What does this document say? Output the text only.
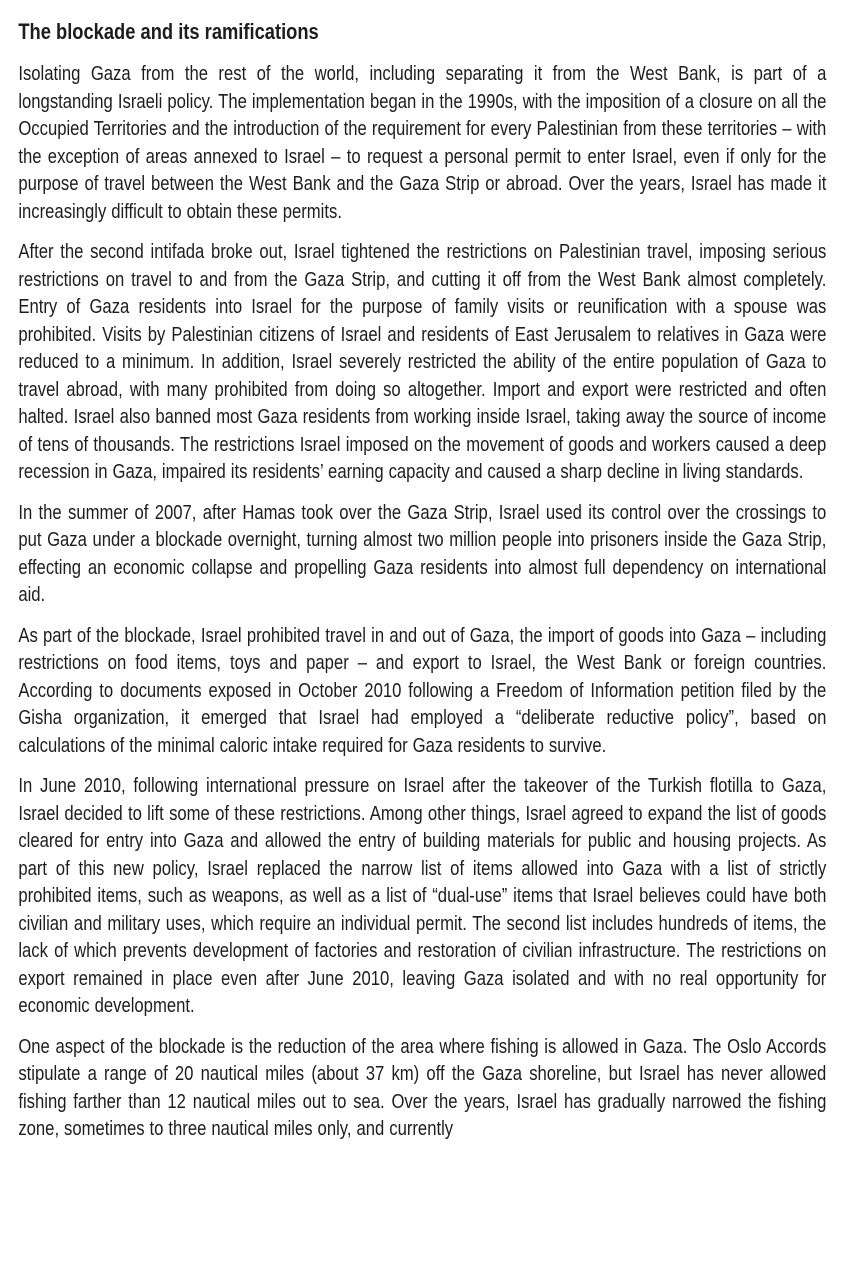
The blockade and its ramifications

Isolating Gaza from the rest of the world, including separating it from the West Bank, is part of a longstanding Israeli policy. The implementation began in the 1990s, with the imposition of a closure on all the Occupied Territories and the introduction of the requirement for every Palestinian from these territories – with the exception of areas annexed to Israel – to request a personal permit to enter Israel, even if only for the purpose of travel between the West Bank and the Gaza Strip or abroad. Over the years, Israel has made it increasingly difficult to obtain these permits.

After the second intifada broke out, Israel tightened the restrictions on Palestinian travel, imposing serious restrictions on travel to and from the Gaza Strip, and cutting it off from the West Bank almost completely. Entry of Gaza residents into Israel for the purpose of family visits or reunification with a spouse was prohibited. Visits by Palestinian citizens of Israel and residents of East Jerusalem to relatives in Gaza were reduced to a minimum. In addition, Israel severely restricted the ability of the entire population of Gaza to travel abroad, with many prohibited from doing so altogether. Import and export were restricted and often halted. Israel also banned most Gaza residents from working inside Israel, taking away the source of income of tens of thousands. The restrictions Israel imposed on the movement of goods and workers caused a deep recession in Gaza, impaired its residents’ earning capacity and caused a sharp decline in living standards.

In the summer of 2007, after Hamas took over the Gaza Strip, Israel used its control over the crossings to put Gaza under a blockade overnight, turning almost two million people into prisoners inside the Gaza Strip, effecting an economic collapse and propelling Gaza residents into almost full dependency on international aid.

As part of the blockade, Israel prohibited travel in and out of Gaza, the import of goods into Gaza – including restrictions on food items, toys and paper – and export to Israel, the West Bank or foreign countries. According to documents exposed in October 2010 following a Freedom of Information petition filed by the Gisha organization, it emerged that Israel had employed a “deliberate reductive policy”, based on calculations of the minimal caloric intake required for Gaza residents to survive.

In June 2010, following international pressure on Israel after the takeover of the Turkish flotilla to Gaza, Israel decided to lift some of these restrictions. Among other things, Israel agreed to expand the list of goods cleared for entry into Gaza and allowed the entry of building materials for public and housing projects. As part of this new policy, Israel replaced the narrow list of items allowed into Gaza with a list of strictly prohibited items, such as weapons, as well as a list of “dual-use” items that Israel believes could have both civilian and military uses, which require an individual permit. The second list includes hundreds of items, the lack of which prevents development of factories and restoration of civilian infrastructure. The restrictions on export remained in place even after June 2010, leaving Gaza isolated and with no real opportunity for economic development.

One aspect of the blockade is the reduction of the area where fishing is allowed in Gaza. The Oslo Accords stipulate a range of 20 nautical miles (about 37 km) off the Gaza shoreline, but Israel has never allowed fishing farther than 12 nautical miles out to sea. Over the years, Israel has gradually narrowed the fishing zone, sometimes to three nautical miles only, and currently
